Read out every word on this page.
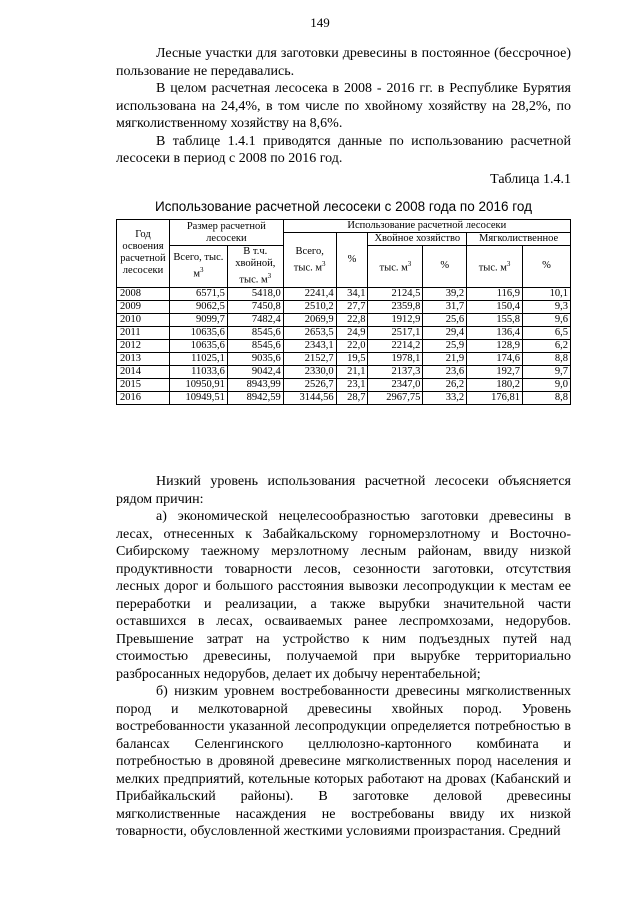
149

Лесные участки для заготовки древесины в постоянное (бессрочное) пользование не передавались.

В целом расчетная лесосека в 2008 - 2016 гг. в Республике Бурятия использована на 24,4%, в том числе по хвойному хозяйству на 28,2%, по мягколиственному хозяйству на 8,6%.

В таблице 1.4.1 приводятся данные по использованию расчетной лесосеки в период с 2008 по 2016 год.

Таблица 1.4.1
Использование расчетной лесосеки с 2008 года по 2016 год
Год освоения расчетной лесосеки	Размер расчетной лесосеки		Использование расчетной лесосеки					
			Всего, тыс. $м^3$	%	Хвойное хозяйство		Мягколиственное	
	Всего, тыс. $м^3$	В т.ч. хвойной, тыс. $м^3$			тыс. $м^3$	%	тыс. $м^3$	%
2008	6571,5	5418,0	2241,4	34,1	2124,5	39,2	116,9	10,1
2009	9062,5	7450,8	2510,2	27,7	2359,8	31,7	150,4	9,3
2010	9099,7	7482,4	2069,9	22,8	1912,9	25,6	155,8	9,6
2011	10635,6	8545,6	2653,5	24,9	2517,1	29,4	136,4	6,5
2012	10635,6	8545,6	2343,1	22,0	2214,2	25,9	128,9	6,2
2013	11025,1	9035,6	2152,7	19,5	1978,1	21,9	174,6	8,8
2014	11033,6	9042,4	2330,0	21,1	2137,3	23,6	192,7	9,7
2015	10950,91	8943,99	2526,7	23,1	2347,0	26,2	180,2	9,0
2016	10949,51	8942,59	3144,56	28,7	2967,75	33,2	176,81	8,8

Низкий уровень использования расчетной лесосеки объясняется рядом причин:

а) экономической нецелесообразностью заготовки древесины в лесах, отнесенных к Забайкальскому горномерзлотному и Восточно-Сибирскому таежному мерзлотному лесным районам, ввиду низкой продуктивности товарности лесов, сезонности заготовки, отсутствия лесных дорог и большого расстояния вывозки лесопродукции к местам ее переработки и реализации, а также вырубки значительной части оставшихся в лесах, осваиваемых ранее леспромхозами, недорубов. Превышение затрат на устройство к ним подъездных путей над стоимостью древесины, получаемой при вырубке территориально разбросанных недорубов, делает их добычу нерентабельной;

б) низким уровнем востребованности древесины мягколиственных пород и мелкотоварной древесины хвойных пород. Уровень востребованности указанной лесопродукции определяется потребностью в балансах Селенгинского целлюлозно-картонного комбината и потребностью в дровяной древесине мягколиственных пород населения и мелких предприятий, котельные которых работают на дровах (Кабанский и Прибайкальский районы). В заготовке деловой древесины мягколиственные насаждения не востребованы ввиду их низкой товарности, обусловленной жесткими условиями произрастания. Средний
